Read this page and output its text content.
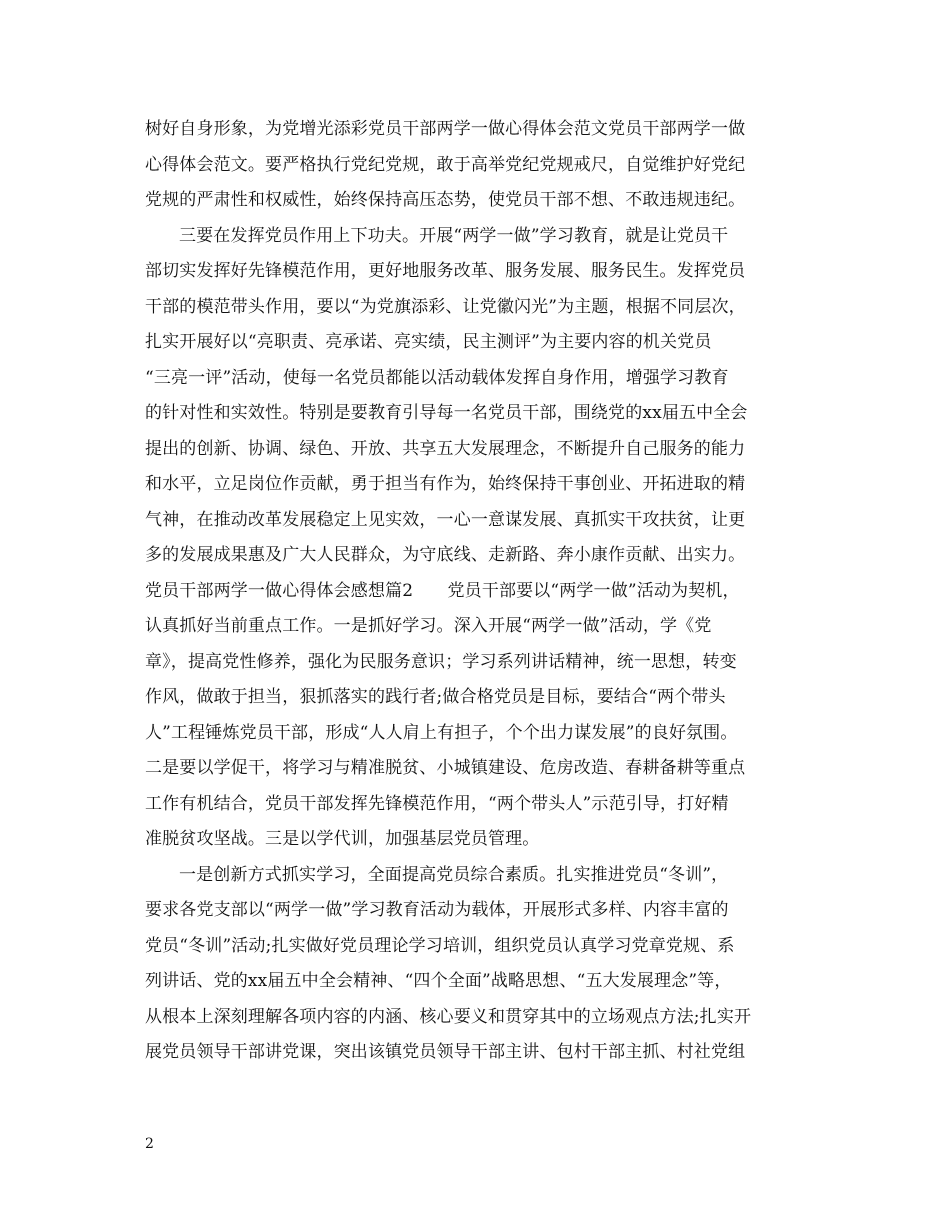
树好自身形象，为党增光添彩党员干部两学一做心得体会范文党员干部两学一做
心得体会范文。要严格执行党纪党规，敢于高举党纪党规戒尺，自觉维护好党纪
党规的严肃性和权威性，始终保持高压态势，使党员干部不想、不敢违规违纪。
三要在发挥党员作用上下功夫。开展“两学一做”学习教育，就是让党员干
部切实发挥好先锋模范作用，更好地服务改革、服务发展、服务民生。发挥党员
干部的模范带头作用，要以“为党旗添彩、让党徽闪光”为主题，根据不同层次，
扎实开展好以“亮职责、亮承诺、亮实绩，民主测评”为主要内容的机关党员
“三亮一评”活动，使每一名党员都能以活动载体发挥自身作用，增强学习教育
的针对性和实效性。特别是要教育引导每一名党员干部，围绕党的xx届五中全会
提出的创新、协调、绿色、开放、共享五大发展理念，不断提升自己服务的能力
和水平，立足岗位作贡献，勇于担当有作为，始终保持干事创业、开拓进取的精
气神，在推动改革发展稳定上见实效，一心一意谋发展、真抓实干攻扶贫，让更
多的发展成果惠及广大人民群众，为守底线、走新路、奔小康作贡献、出实力。
党员干部两学一做心得体会感想篇2　　党员干部要以“两学一做”活动为契机，
认真抓好当前重点工作。一是抓好学习。深入开展“两学一做”活动，学《党
章》，提高党性修养，强化为民服务意识；学习系列讲话精神，统一思想，转变
作风，做敢于担当，狠抓落实的践行者;做合格党员是目标，要结合“两个带头
人”工程锤炼党员干部，形成“人人肩上有担子，个个出力谋发展”的良好氛围。
二是要以学促干，将学习与精准脱贫、小城镇建设、危房改造、春耕备耕等重点
工作有机结合，党员干部发挥先锋模范作用，“两个带头人”示范引导，打好精
准脱贫攻坚战。三是以学代训，加强基层党员管理。
一是创新方式抓实学习，全面提高党员综合素质。扎实推进党员“冬训”，
要求各党支部以“两学一做”学习教育活动为载体，开展形式多样、内容丰富的
党员“冬训”活动;扎实做好党员理论学习培训，组织党员认真学习党章党规、系
列讲话、党的xx届五中全会精神、“四个全面”战略思想、“五大发展理念”等，
从根本上深刻理解各项内容的内涵、核心要义和贯穿其中的立场观点方法;扎实开
展党员领导干部讲党课，突出该镇党员领导干部主讲、包村干部主抓、村社党组
2
